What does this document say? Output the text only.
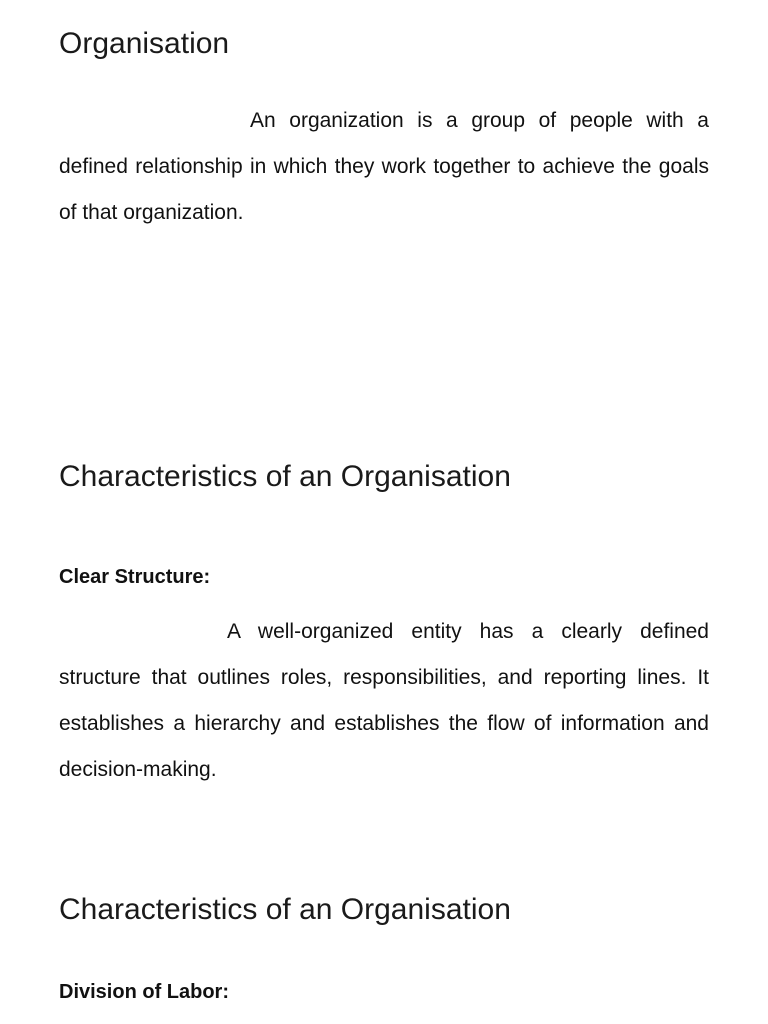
Organisation

An organization is a group of people with a defined relationship in which they work together to achieve the goals of that organization.

Characteristics of an Organisation
Clear Structure:

A well-organized entity has a clearly defined structure that outlines roles, responsibilities, and reporting lines. It establishes a hierarchy and establishes the flow of information and decision-making.

Characteristics of an Organisation
Division of Labor:
